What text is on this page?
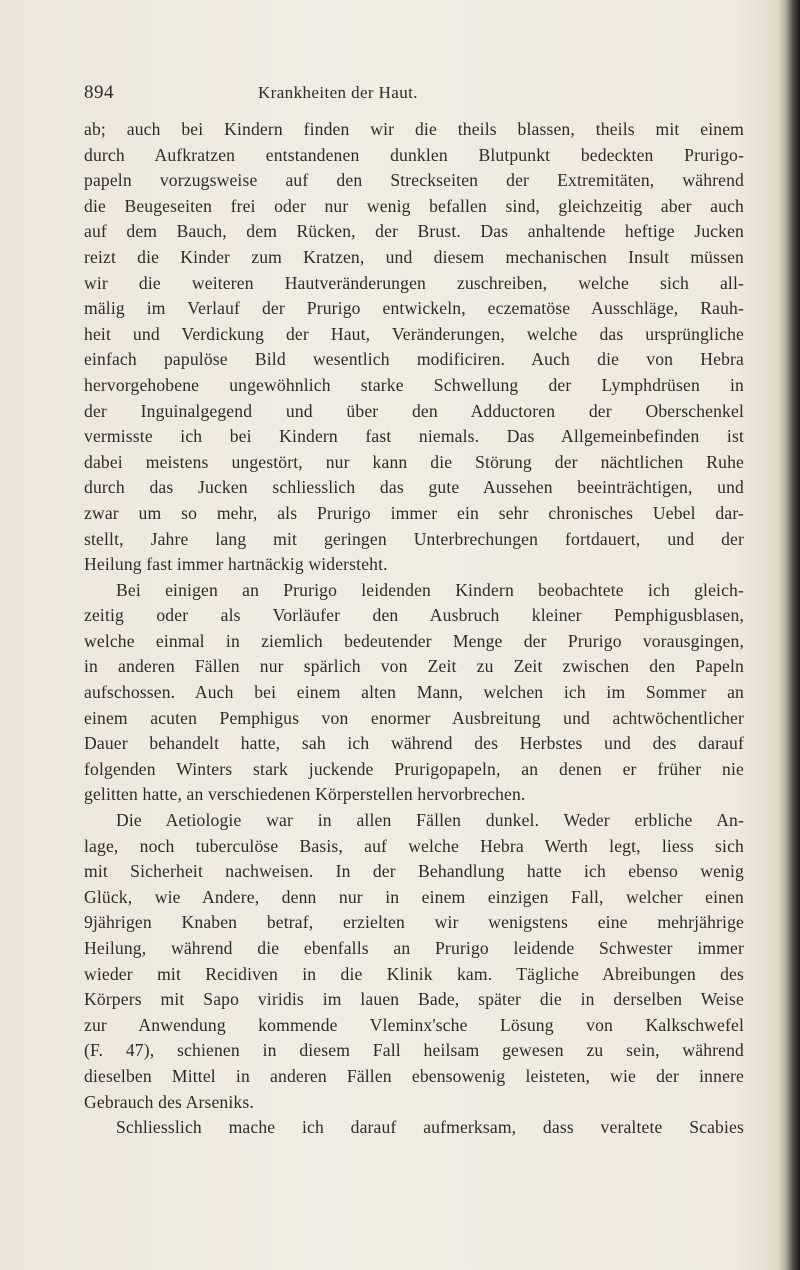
894	Krankheiten der Haut.
ab; auch bei Kindern finden wir die theils blassen, theils mit einem
durch Aufkratzen entstandenen dunklen Blutpunkt bedeckten Prurigo-
papeln vorzugsweise auf den Streckseiten der Extremitäten, während
die Beugeseiten frei oder nur wenig befallen sind, gleichzeitig aber auch
auf dem Bauch, dem Rücken, der Brust. Das anhaltende heftige Jucken
reizt die Kinder zum Kratzen, und diesem mechanischen Insult müssen
wir die weiteren Hautveränderungen zuschreiben, welche sich all-
mälig im Verlauf der Prurigo entwickeln, eczematöse Ausschläge, Rauh-
heit und Verdickung der Haut, Veränderungen, welche das ursprüngliche
einfach papulöse Bild wesentlich modificiren. Auch die von Hebra
hervorgehobene ungewöhnlich starke Schwellung der Lymphdrüsen in
der Inguinalgegend und über den Adductoren der Oberschenkel
vermisste ich bei Kindern fast niemals. Das Allgemeinbefinden ist
dabei meistens ungestört, nur kann die Störung der nächtlichen Ruhe
durch das Jucken schliesslich das gute Aussehen beeinträchtigen, und
zwar um so mehr, als Prurigo immer ein sehr chronisches Uebel dar-
stellt, Jahre lang mit geringen Unterbrechungen fortdauert, und der
Heilung fast immer hartnäckig widersteht.
Bei einigen an Prurigo leidenden Kindern beobachtete ich gleich-
zeitig oder als Vorläufer den Ausbruch kleiner Pemphigusblasen,
welche einmal in ziemlich bedeutender Menge der Prurigo vorausgingen,
in anderen Fällen nur spärlich von Zeit zu Zeit zwischen den Papeln
aufschossen. Auch bei einem alten Mann, welchen ich im Sommer an
einem acuten Pemphigus von enormer Ausbreitung und achtwöchentlicher
Dauer behandelt hatte, sah ich während des Herbstes und des darauf
folgenden Winters stark juckende Prurigopapeln, an denen er früher nie
gelitten hatte, an verschiedenen Körperstellen hervorbrechen.
Die Aetiologie war in allen Fällen dunkel. Weder erbliche An-
lage, noch tuberculöse Basis, auf welche Hebra Werth legt, liess sich
mit Sicherheit nachweisen. In der Behandlung hatte ich ebenso wenig
Glück, wie Andere, denn nur in einem einzigen Fall, welcher einen
9jährigen Knaben betraf, erzielten wir wenigstens eine mehrjährige
Heilung, während die ebenfalls an Prurigo leidende Schwester immer
wieder mit Recidiven in die Klinik kam. Tägliche Abreibungen des
Körpers mit Sapo viridis im lauen Bade, später die in derselben Weise
zur Anwendung kommende Vleminx'sche Lösung von Kalkschwefel
(F. 47), schienen in diesem Fall heilsam gewesen zu sein, während
dieselben Mittel in anderen Fällen ebensowenig leisteten, wie der innere
Gebrauch des Arseniks.
Schliesslich mache ich darauf aufmerksam, dass veraltete Scabies
